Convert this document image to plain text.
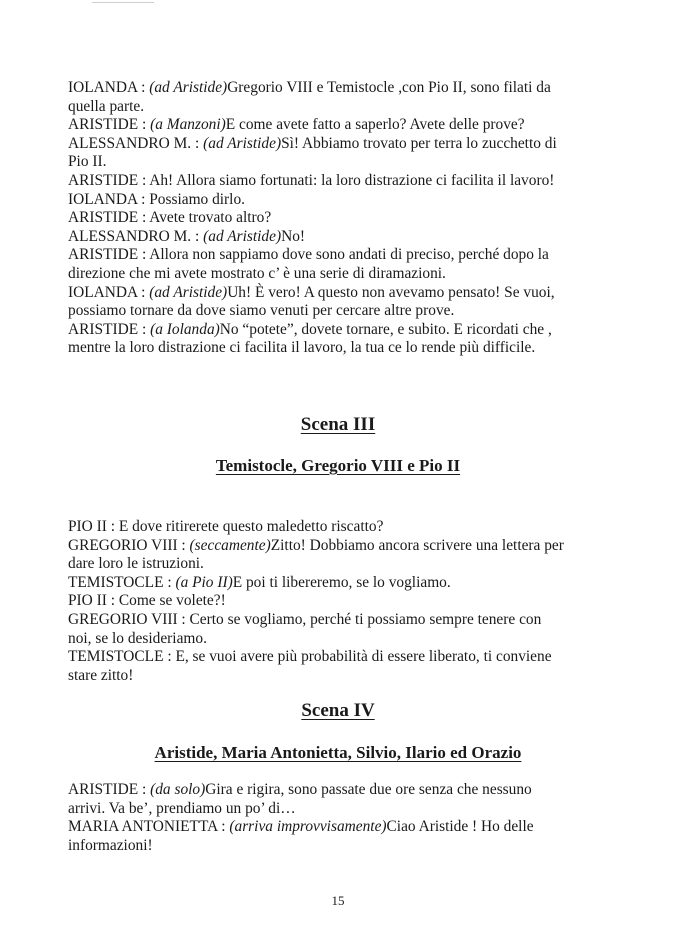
IOLANDA : (ad Aristide)Gregorio VIII e Temistocle ,con Pio II, sono filati da

quella parte.

ARISTIDE : (a Manzoni)E come avete fatto a saperlo? Avete delle prove?

ALESSANDRO M. : (ad Aristide)Sì! Abbiamo trovato per terra lo zucchetto di

Pio II.

ARISTIDE : Ah! Allora siamo fortunati: la loro distrazione ci facilita il lavoro!

IOLANDA : Possiamo dirlo.

ARISTIDE : Avete trovato altro?

ALESSANDRO M. : (ad Aristide)No!

ARISTIDE : Allora non sappiamo dove sono andati di preciso, perché dopo la

direzione che mi avete mostrato c’ è una serie di diramazioni.

IOLANDA : (ad Aristide)Uh! È vero! A questo non avevamo pensato! Se vuoi,

possiamo tornare da dove siamo venuti per cercare altre prove.

ARISTIDE : (a Iolanda)No “potete”, dovete tornare, e subito. E ricordati che ,

mentre la loro distrazione ci facilita il lavoro, la tua ce lo rende più difficile.

Scena III
Temistocle, Gregorio VIII e Pio II

PIO II : E dove ritirerete questo maledetto riscatto?

GREGORIO VIII : (seccamente)Zitto! Dobbiamo ancora scrivere una lettera per

dare loro le istruzioni.

TEMISTOCLE : (a Pio II)E poi ti libereremo, se lo vogliamo.

PIO II : Come se volete?!

GREGORIO VIII : Certo se vogliamo, perché ti possiamo sempre tenere con

noi, se lo desideriamo.

TEMISTOCLE : E, se vuoi avere più probabilità di essere liberato, ti conviene

stare zitto!

Scena IV
Aristide, Maria Antonietta, Silvio, Ilario ed Orazio

ARISTIDE : (da solo)Gira e rigira, sono passate due ore senza che nessuno

arrivi. Va be’, prendiamo un po’ di…

MARIA ANTONIETTA : (arriva improvvisamente)Ciao Aristide ! Ho delle

informazioni!

15
